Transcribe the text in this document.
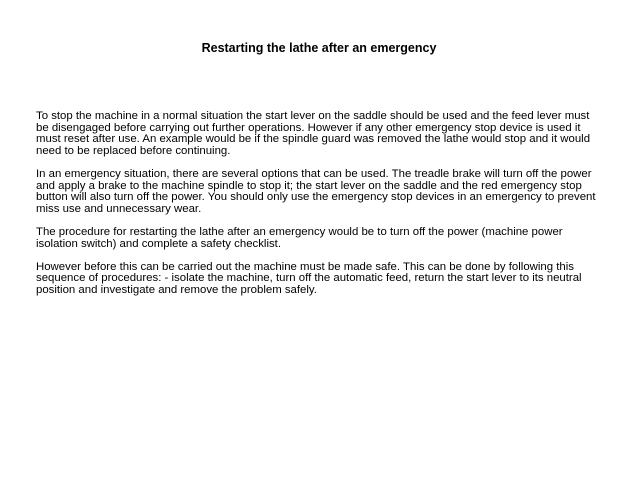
Restarting the lathe after an emergency

To stop the machine in a normal situation the start lever on the saddle should be used and the feed lever must be disengaged before carrying out further operations. However if any other emergency stop device is used it must reset after use. An example would be if the spindle guard was removed the lathe would stop and it would need to be replaced before continuing.

In an emergency situation, there are several options that can be used. The treadle brake will turn off the power and apply a brake to the machine spindle to stop it; the start lever on the saddle and the red emergency stop button will also turn off the power. You should only use the emergency stop devices in an emergency to prevent miss use and unnecessary wear.

The procedure for restarting the lathe after an emergency would be to turn off the power (machine power isolation switch) and complete a safety checklist.

However before this can be carried out the machine must be made safe. This can be done by following this sequence of procedures: - isolate the machine, turn off the automatic feed, return the start lever to its neutral position and investigate and remove the problem safely.
